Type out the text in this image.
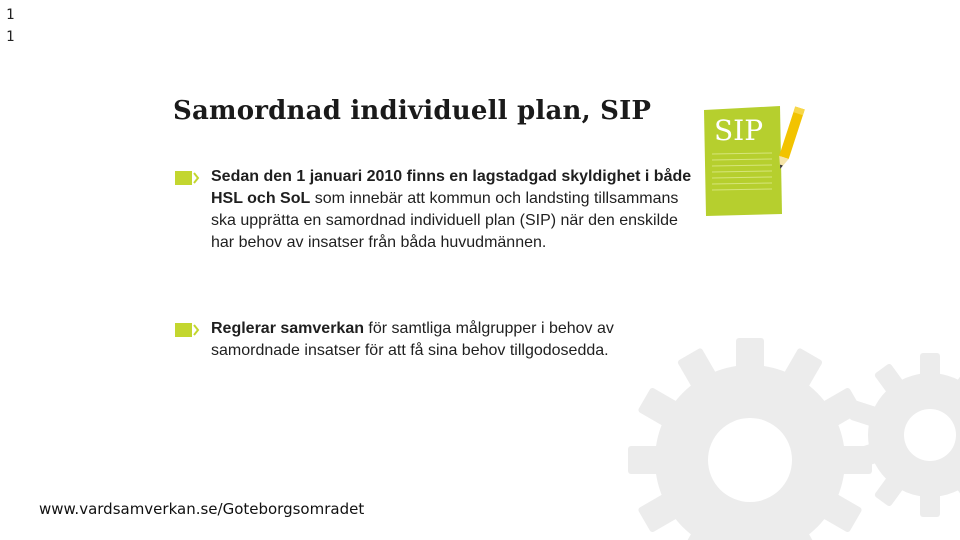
1
1
Samordnad individuell plan, SIP
Sedan den 1 januari 2010 finns en lagstadgad skyldighet i både HSL och SoL som innebär att kommun och landsting tillsammans ska upprätta en samordnad individuell plan (SIP) när den enskilde har behov av insatser från båda huvudmännen.
Reglerar samverkan för samtliga målgrupper i behov av samordnade insatser för att få sina behov tillgodosedda.
SIP
www.vardsamverkan.se/Goteborgsomradet
